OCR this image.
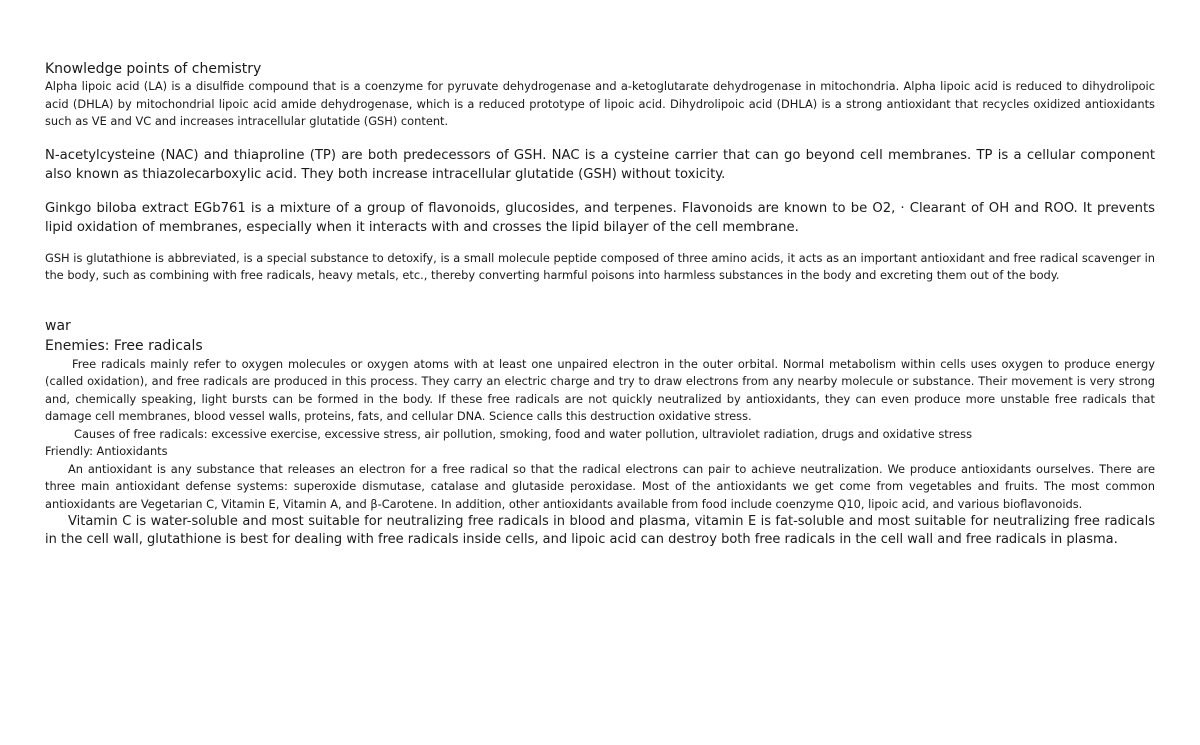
Knowledge points of chemistry

Alpha lipoic acid (LA) is a disulfide compound that is a coenzyme for pyruvate dehydrogenase and a-ketoglutarate dehydrogenase in mitochondria. Alpha lipoic acid is reduced to dihydrolipoic acid (DHLA) by mitochondrial lipoic acid amide dehydrogenase, which is a reduced prototype of lipoic acid. Dihydrolipoic acid (DHLA) is a strong antioxidant that recycles oxidized antioxidants such as VE and VC and increases intracellular glutatide (GSH) content.

N-acetylcysteine (NAC) and thiaproline (TP) are both predecessors of GSH. NAC is a cysteine carrier that can go beyond cell membranes. TP is a cellular component also known as thiazolecarboxylic acid. They both increase intracellular glutatide (GSH) without toxicity.

Ginkgo biloba extract EGb761 is a mixture of a group of flavonoids, glucosides, and terpenes. Flavonoids are known to be O2, · Clearant of OH and ROO. It prevents lipid oxidation of membranes, especially when it interacts with and crosses the lipid bilayer of the cell membrane.

GSH is glutathione is abbreviated, is a special substance to detoxify, is a small molecule peptide composed of three amino acids, it acts as an important antioxidant and free radical scavenger in the body, such as combining with free radicals, heavy metals, etc., thereby converting harmful poisons into harmless substances in the body and excreting them out of the body.

war

Enemies: Free radicals

Free radicals mainly refer to oxygen molecules or oxygen atoms with at least one unpaired electron in the outer orbital. Normal metabolism within cells uses oxygen to produce energy (called oxidation), and free radicals are produced in this process. They carry an electric charge and try to draw electrons from any nearby molecule or substance. Their movement is very strong and, chemically speaking, light bursts can be formed in the body. If these free radicals are not quickly neutralized by antioxidants, they can even produce more unstable free radicals that damage cell membranes, blood vessel walls, proteins, fats, and cellular DNA. Science calls this destruction oxidative stress.

Causes of free radicals: excessive exercise, excessive stress, air pollution, smoking, food and water pollution, ultraviolet radiation, drugs and oxidative stress

Friendly: Antioxidants

An antioxidant is any substance that releases an electron for a free radical so that the radical electrons can pair to achieve neutralization. We produce antioxidants ourselves. There are three main antioxidant defense systems: superoxide dismutase, catalase and glutaside peroxidase. Most of the antioxidants we get come from vegetables and fruits. The most common antioxidants are Vegetarian C, Vitamin E, Vitamin A, and β-Carotene. In addition, other antioxidants available from food include coenzyme Q10, lipoic acid, and various bioflavonoids.

Vitamin C is water-soluble and most suitable for neutralizing free radicals in blood and plasma, vitamin E is fat-soluble and most suitable for neutralizing free radicals in the cell wall, glutathione is best for dealing with free radicals inside cells, and lipoic acid can destroy both free radicals in the cell wall and free radicals in plasma.
